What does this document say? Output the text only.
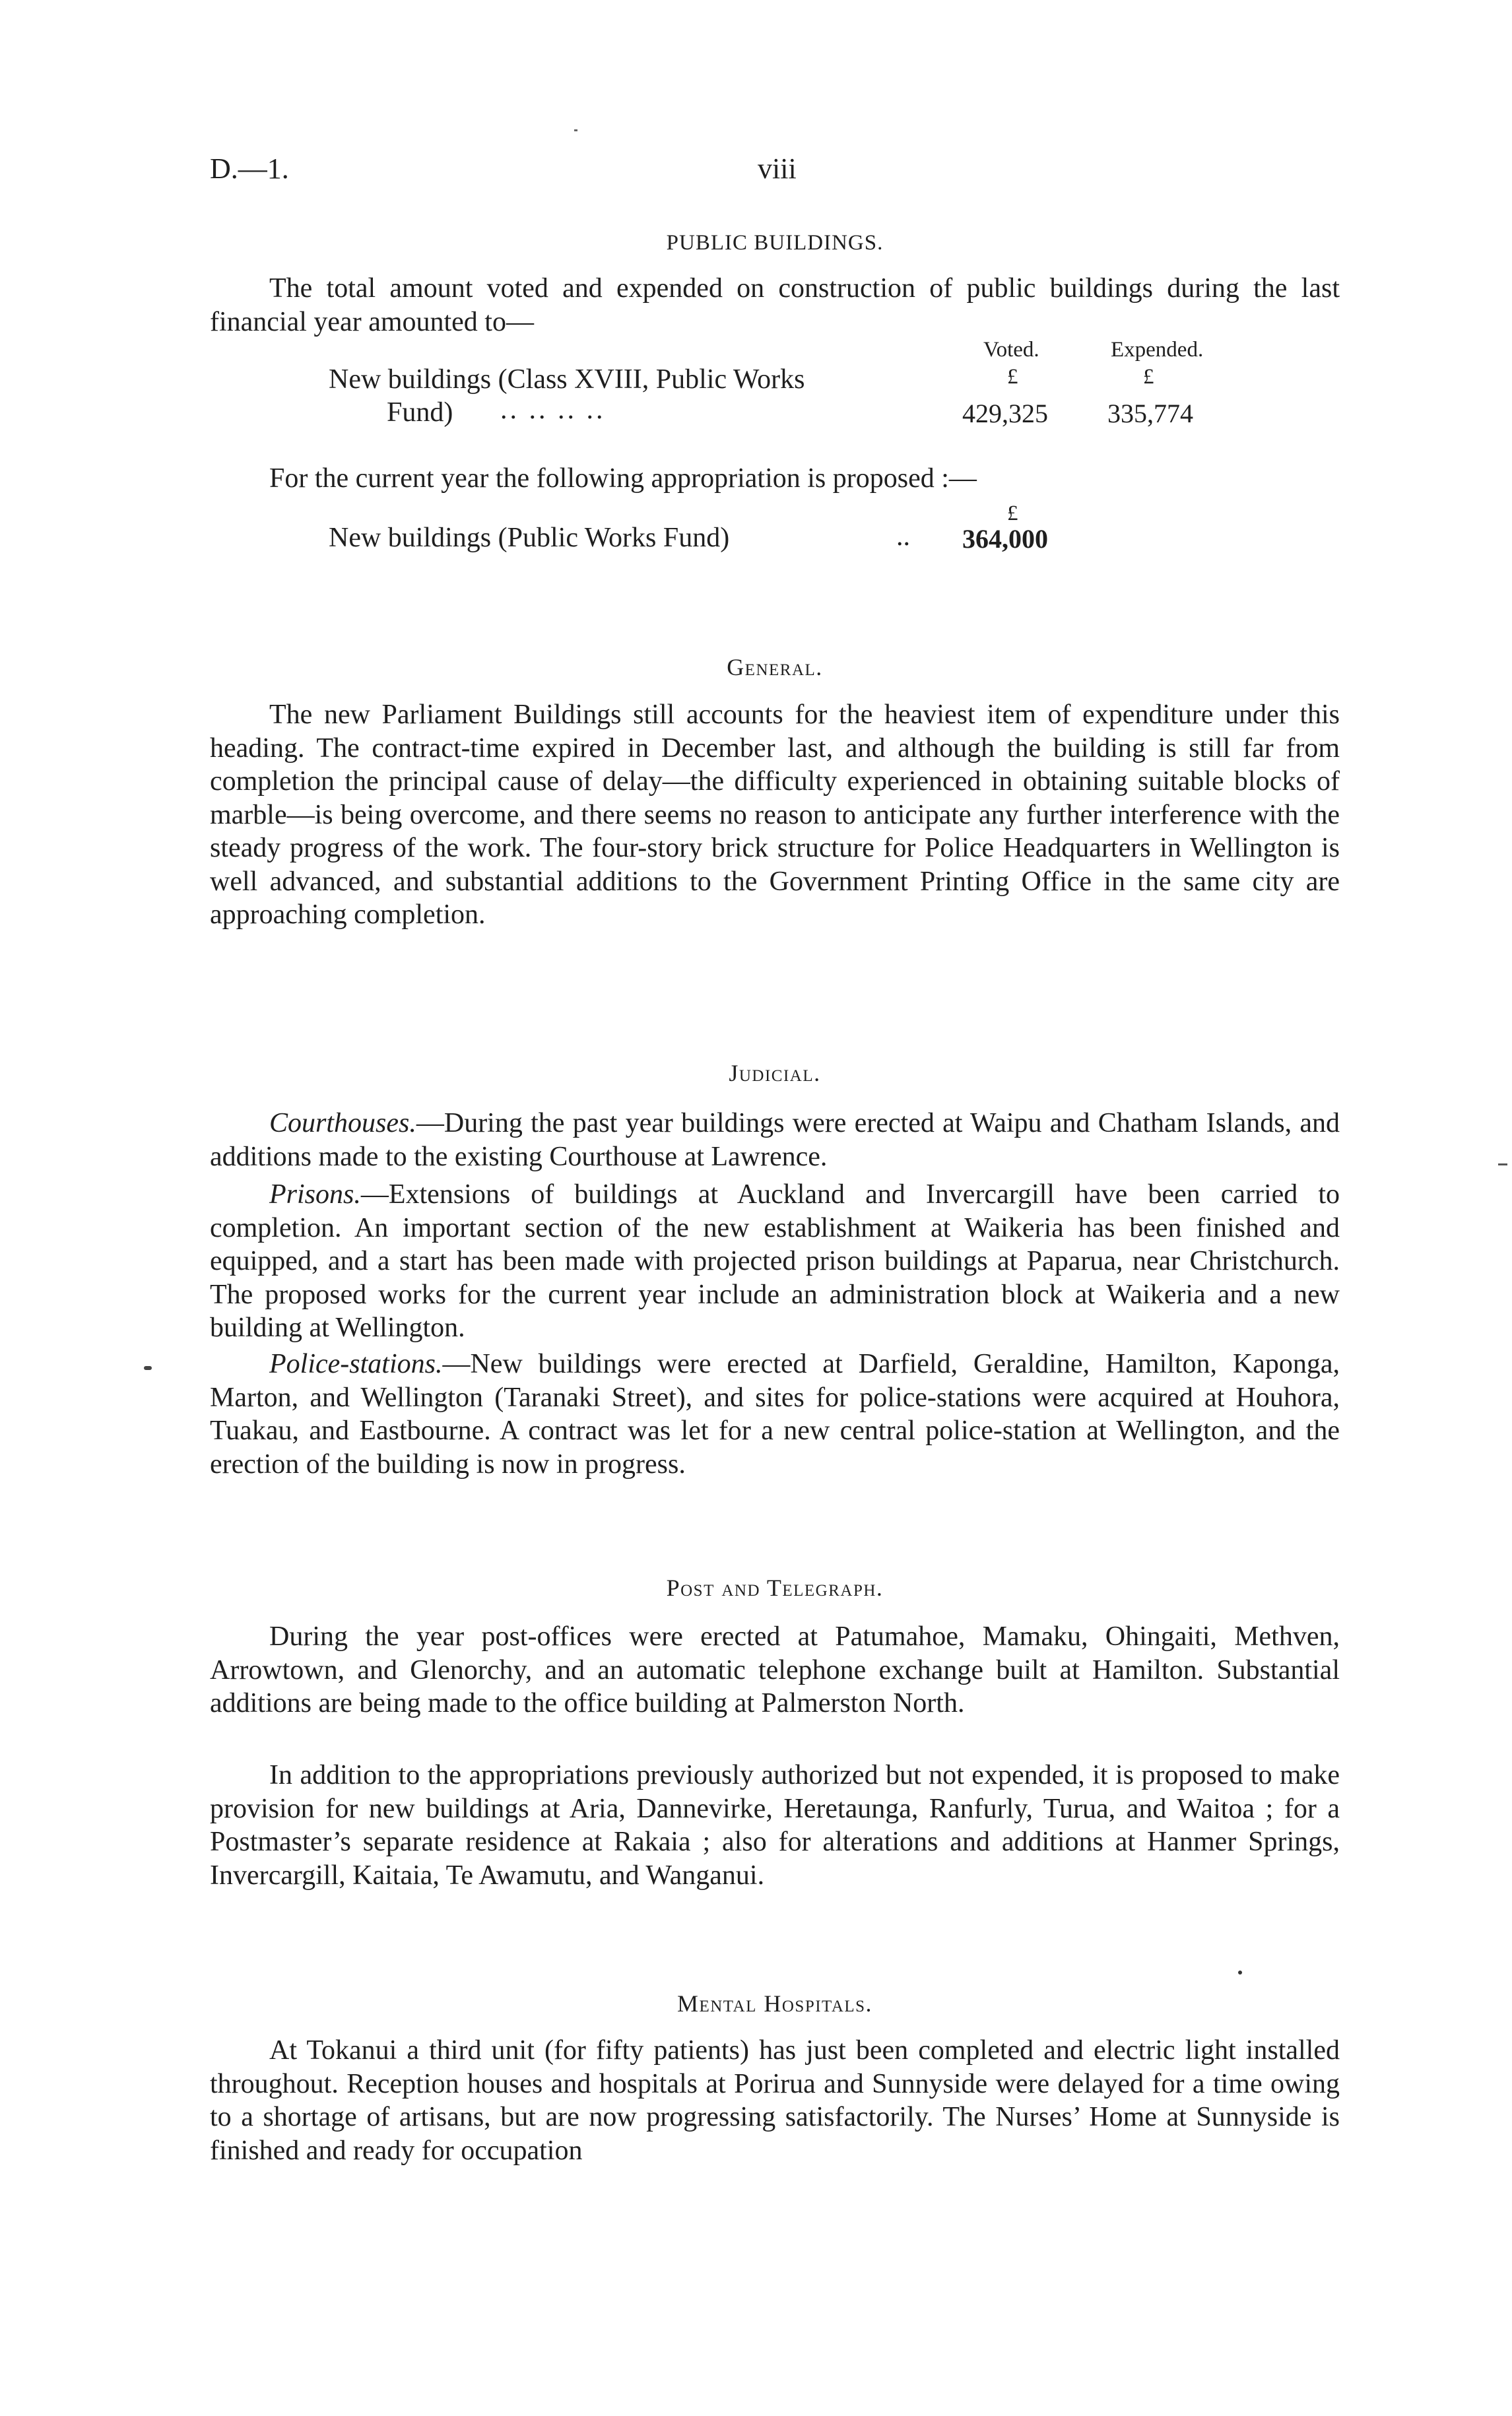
D.—1.	viii
PUBLIC BUILDINGS.

The total amount voted and expended on construction of public buildings during the last financial year amounted to—

Voted.	Expended.
£	£
New buildings (Class XVIII, Public Works
Fund) .. .. .. ..	429,325 335,774
For the current year the following appropriation is proposed :—
£
New buildings (Public Works Fund)	.. 364,000
General.

The new Parliament Buildings still accounts for the heaviest item of expenditure under this heading. The contract-time expired in December last, and although the building is still far from completion the principal cause of delay—the difficulty experienced in obtaining suitable blocks of marble—is being overcome, and there seems no reason to anticipate any further interference with the steady progress of the work. The four-story brick structure for Police Headquarters in Wellington is well advanced, and substantial additions to the Government Printing Office in the same city are approaching completion.

Judicial.

Courthouses.—During the past year buildings were erected at Waipu and Chatham Islands, and additions made to the existing Courthouse at Lawrence.

Prisons.—Extensions of buildings at Auckland and Invercargill have been carried to completion. An important section of the new establishment at Waikeria has been finished and equipped, and a start has been made with projected prison buildings at Paparua, near Christchurch. The proposed works for the current year include an administration block at Waikeria and a new building at Wellington.

Police-stations.—New buildings were erected at Darfield, Geraldine, Hamilton, Kaponga, Marton, and Wellington (Taranaki Street), and sites for police-stations were acquired at Houhora, Tuakau, and Eastbourne. A contract was let for a new central police-station at Wellington, and the erection of the building is now in progress.

Post and Telegraph.

During the year post-offices were erected at Patumahoe, Mamaku, Ohingaiti, Methven, Arrowtown, and Glenorchy, and an automatic telephone exchange built at Hamilton. Substantial additions are being made to the office building at Palmerston North.

In addition to the appropriations previously authorized but not expended, it is proposed to make provision for new buildings at Aria, Dannevirke, Heretaunga, Ranfurly, Turua, and Waitoa ; for a Postmaster’s separate residence at Rakaia ; also for alterations and additions at Hanmer Springs, Invercargill, Kaitaia, Te Awamutu, and Wanganui.

Mental Hospitals.

At Tokanui a third unit (for fifty patients) has just been completed and electric light installed throughout. Reception houses and hospitals at Porirua and Sunnyside were delayed for a time owing to a shortage of artisans, but are now progressing satisfactorily. The Nurses’ Home at Sunnyside is finished and ready for occupation
